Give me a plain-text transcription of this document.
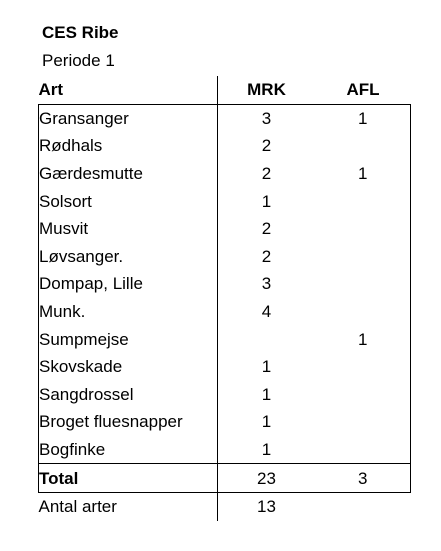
CES Ribe
Periode 1
Art	MRK	AFL
Gransanger	3	1
Rødhals	2	
Gærdesmutte	2	1
Solsort	1	
Musvit	2	
Løvsanger.	2	
Dompap, Lille	3	
Munk.	4	
Sumpmejse		1
Skovskade	1	
Sangdrossel	1	
Broget fluesnapper	1	
Bogfinke	1	
Total	23	3
Antal arter	13	
